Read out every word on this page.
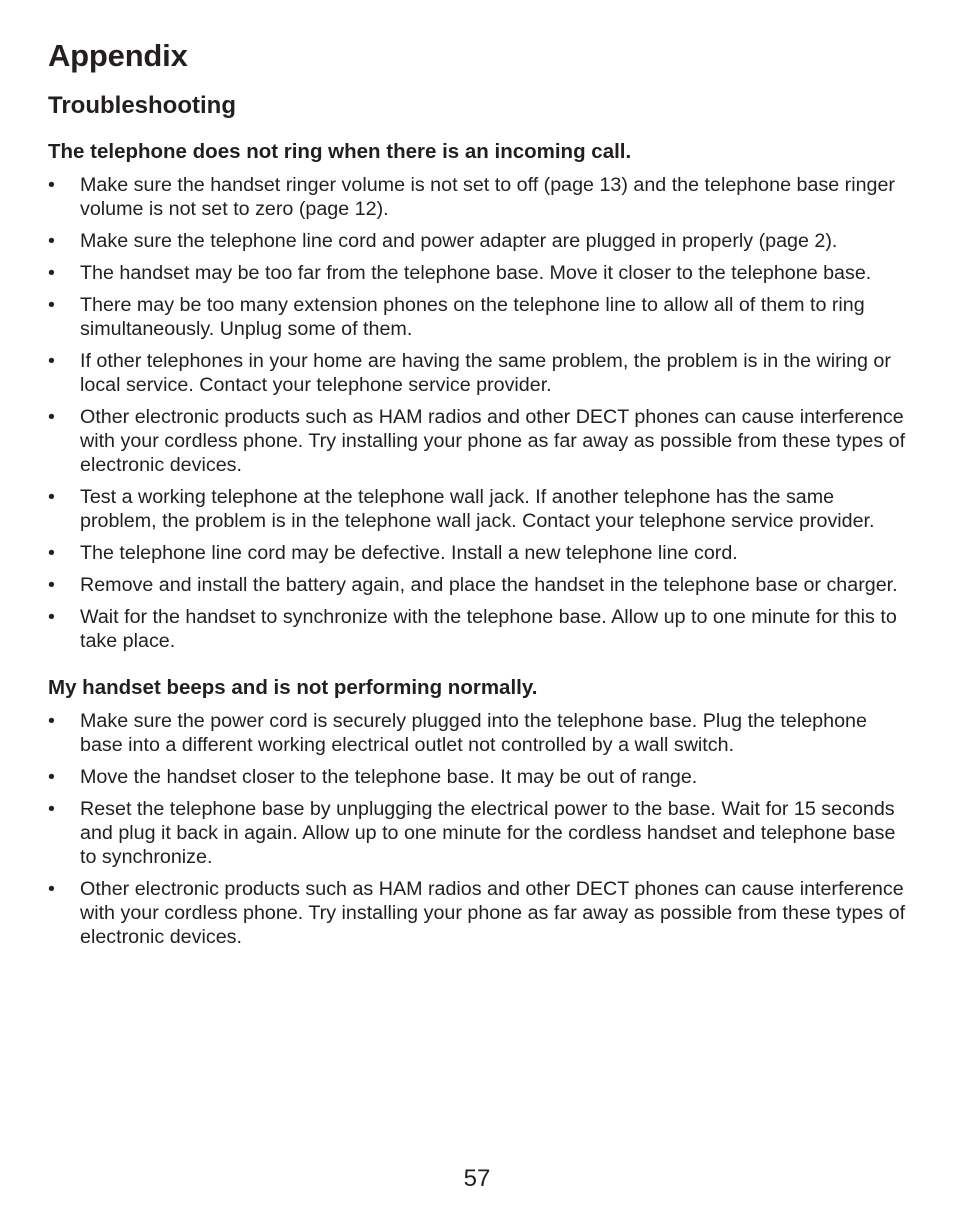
Appendix
Troubleshooting
The telephone does not ring when there is an incoming call.
•	Make sure the handset ringer volume is not set to off (page 13) and the telephone base ringer volume is not set to zero (page 12).
•	Make sure the telephone line cord and power adapter are plugged in properly (page 2).
•	The handset may be too far from the telephone base. Move it closer to the telephone base.
•	There may be too many extension phones on the telephone line to allow all of them to ring simultaneously. Unplug some of them.
•	If other telephones in your home are having the same problem, the problem is in the wiring or local service. Contact your telephone service provider.
•	Other electronic products such as HAM radios and other DECT phones can cause interference with your cordless phone. Try installing your phone as far away as possible from these types of electronic devices.
•	Test a working telephone at the telephone wall jack. If another telephone has the same problem, the problem is in the telephone wall jack. Contact your telephone service provider.
•	The telephone line cord may be defective. Install a new telephone line cord.
•	Remove and install the battery again, and place the handset in the telephone base or charger.
•	Wait for the handset to synchronize with the telephone base. Allow up to one minute for this to take place.
My handset beeps and is not performing normally.
•	Make sure the power cord is securely plugged into the telephone base. Plug the telephone base into a different working electrical outlet not controlled by a wall switch.
•	Move the handset closer to the telephone base. It may be out of range.
•	Reset the telephone base by unplugging the electrical power to the base. Wait for 15 seconds and plug it back in again. Allow up to one minute for the cordless handset and telephone base to synchronize.
•	Other electronic products such as HAM radios and other DECT phones can cause interference with your cordless phone. Try installing your phone as far away as possible from these types of electronic devices.
57
